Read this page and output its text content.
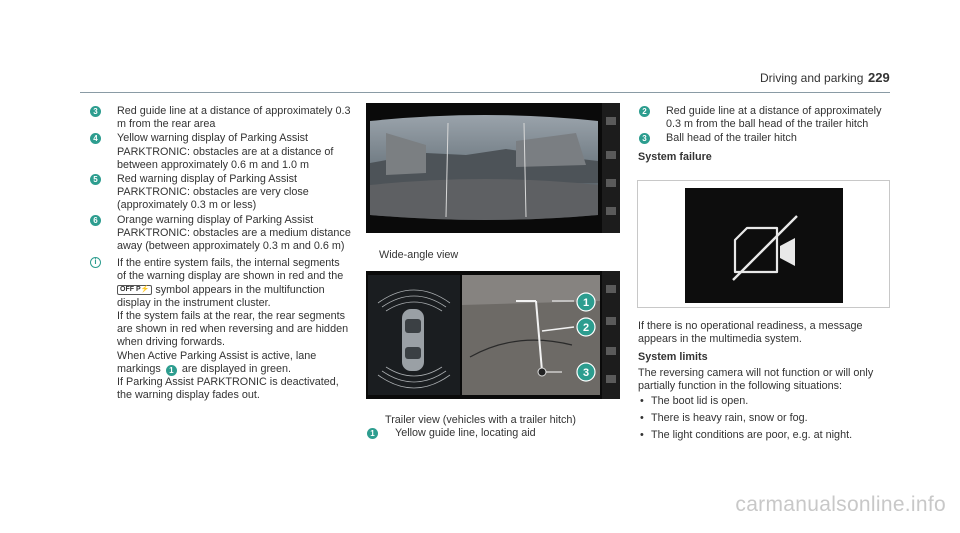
Driving and parking 229
3	Red guide line at a distance of approximately 0.3 m from the rear area
4	Yellow warning display of Parking Assist PARKTRONIC: obstacles are at a distance of between approximately 0.6 m and 1.0 m
5	Red warning display of Parking Assist PARKTRONIC: obstacles are very close (approximately 0.3 m or less)
6	Orange warning display of Parking Assist PARKTRONIC: obstacles are a medium distance away (between approximately 0.3 m and 0.6 m)
i	If the entire system fails, the internal segments of the warning display are shown in red and the OFF P⚡ symbol appears in the multifunction display in the instrument cluster.
If the system fails at the rear, the rear segments are shown in red when reversing and are hidden when driving forwards.
When Active Parking Assist is active, lane markings 1 are displayed in green.
If Parking Assist PARKTRONIC is deactivated, the warning display fades out.
Wide-angle view
1
2
3
Trailer view (vehicles with a trailer hitch)
1	Yellow guide line, locating aid
2	Red guide line at a distance of approximately 0.3 m from the ball head of the trailer hitch
3	Ball head of the trailer hitch
System failure
If there is no operational readiness, a message appears in the multimedia system.
System limits
The reversing camera will not function or will only partially function in the following situations:
• The boot lid is open.
• There is heavy rain, snow or fog.
• The light conditions are poor, e.g. at night.
carmanualsonline.info
